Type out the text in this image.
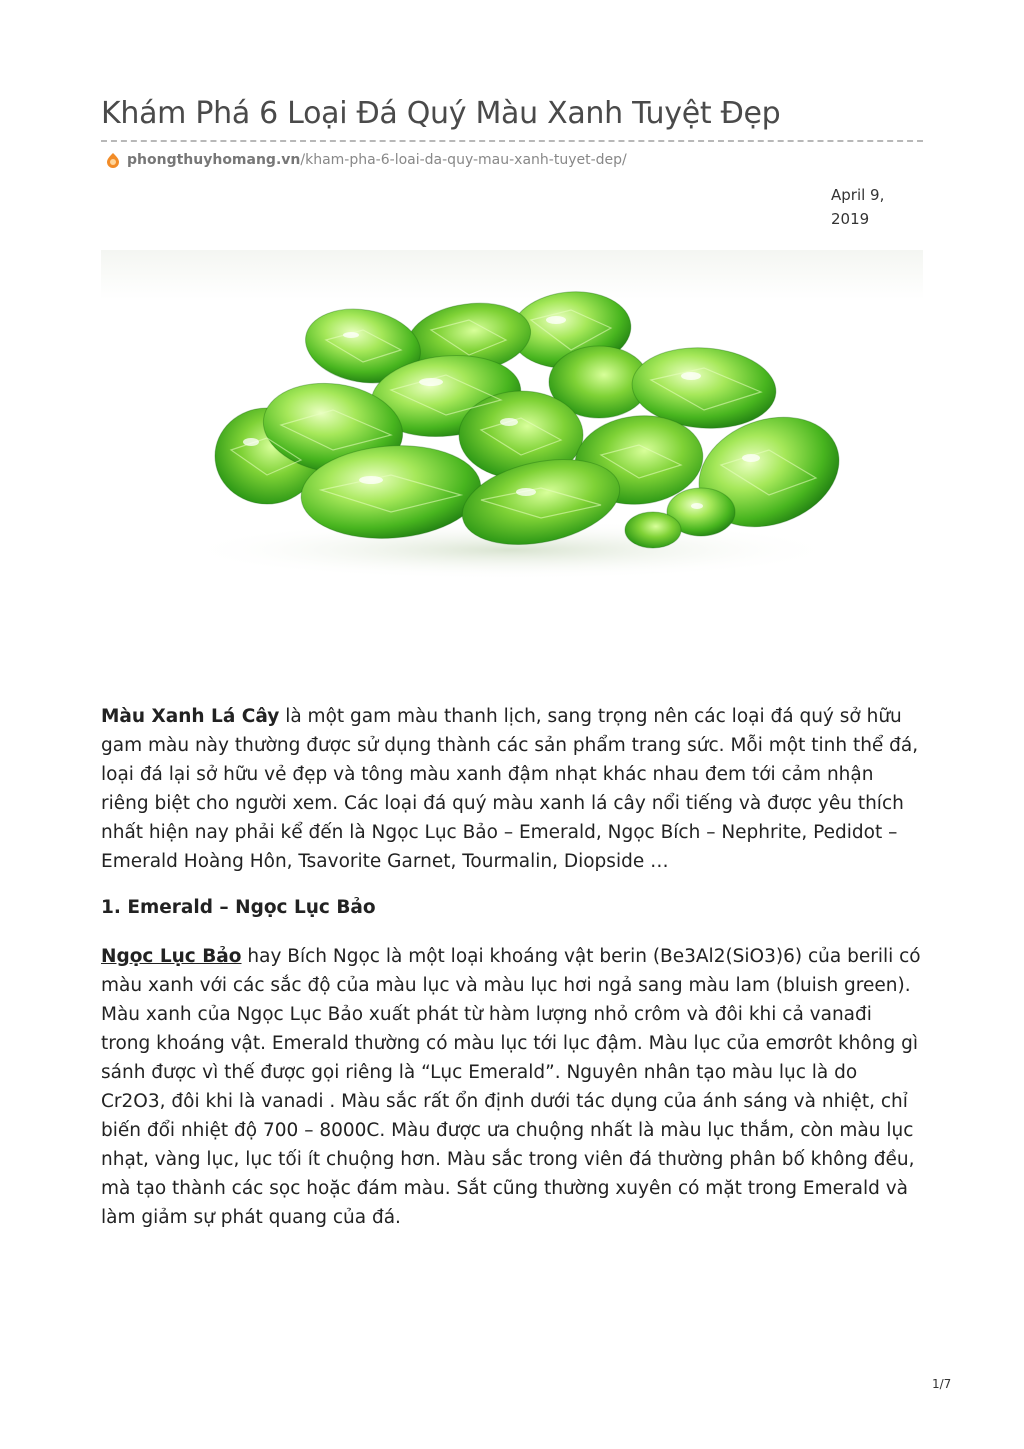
Khám Phá 6 Loại Đá Quý Màu Xanh Tuyệt Đẹp
phongthuyhomang.vn /kham-pha-6-loai-da-quy-mau-xanh-tuyet-dep/
April 9,
2019

Màu Xanh Lá Cây là một gam màu thanh lịch, sang trọng nên các loại đá quý sở hữu gam màu này thường được sử dụng thành các sản phẩm trang sức. Mỗi một tinh thể đá, loại đá lại sở hữu vẻ đẹp và tông màu xanh đậm nhạt khác nhau đem tới cảm nhận riêng biệt cho người xem. Các loại đá quý màu xanh lá cây nổi tiếng và được yêu thích nhất hiện nay phải kể đến là Ngọc Lục Bảo – Emerald, Ngọc Bích – Nephrite, Pedidot – Emerald Hoàng Hôn, Tsavorite Garnet, Tourmalin, Diopside …

1. Emerald – Ngọc Lục Bảo

Ngọc Lục Bảo hay Bích Ngọc là một loại khoáng vật berin (Be3Al2(SiO3)6) của berili có màu xanh với các sắc độ của màu lục và màu lục hơi ngả sang màu lam (bluish green). Màu xanh của Ngọc Lục Bảo xuất phát từ hàm lượng nhỏ crôm và đôi khi cả vanađi trong khoáng vật. Emerald thường có màu lục tới lục đậm. Màu lục của emơrôt không gì sánh được vì thế được gọi riêng là “Lục Emerald”. Nguyên nhân tạo màu lục là do Cr2O3, đôi khi là vanadi . Màu sắc rất ổn định dưới tác dụng của ánh sáng và nhiệt, chỉ biến đổi nhiệt độ 700 – 8000C. Màu được ưa chuộng nhất là màu lục thắm, còn màu lục nhạt, vàng lục, lục tối ít chuộng hơn. Màu sắc trong viên đá thường phân bố không đều, mà tạo thành các sọc hoặc đám màu. Sắt cũng thường xuyên có mặt trong Emerald và làm giảm sự phát quang của đá.

1/7
